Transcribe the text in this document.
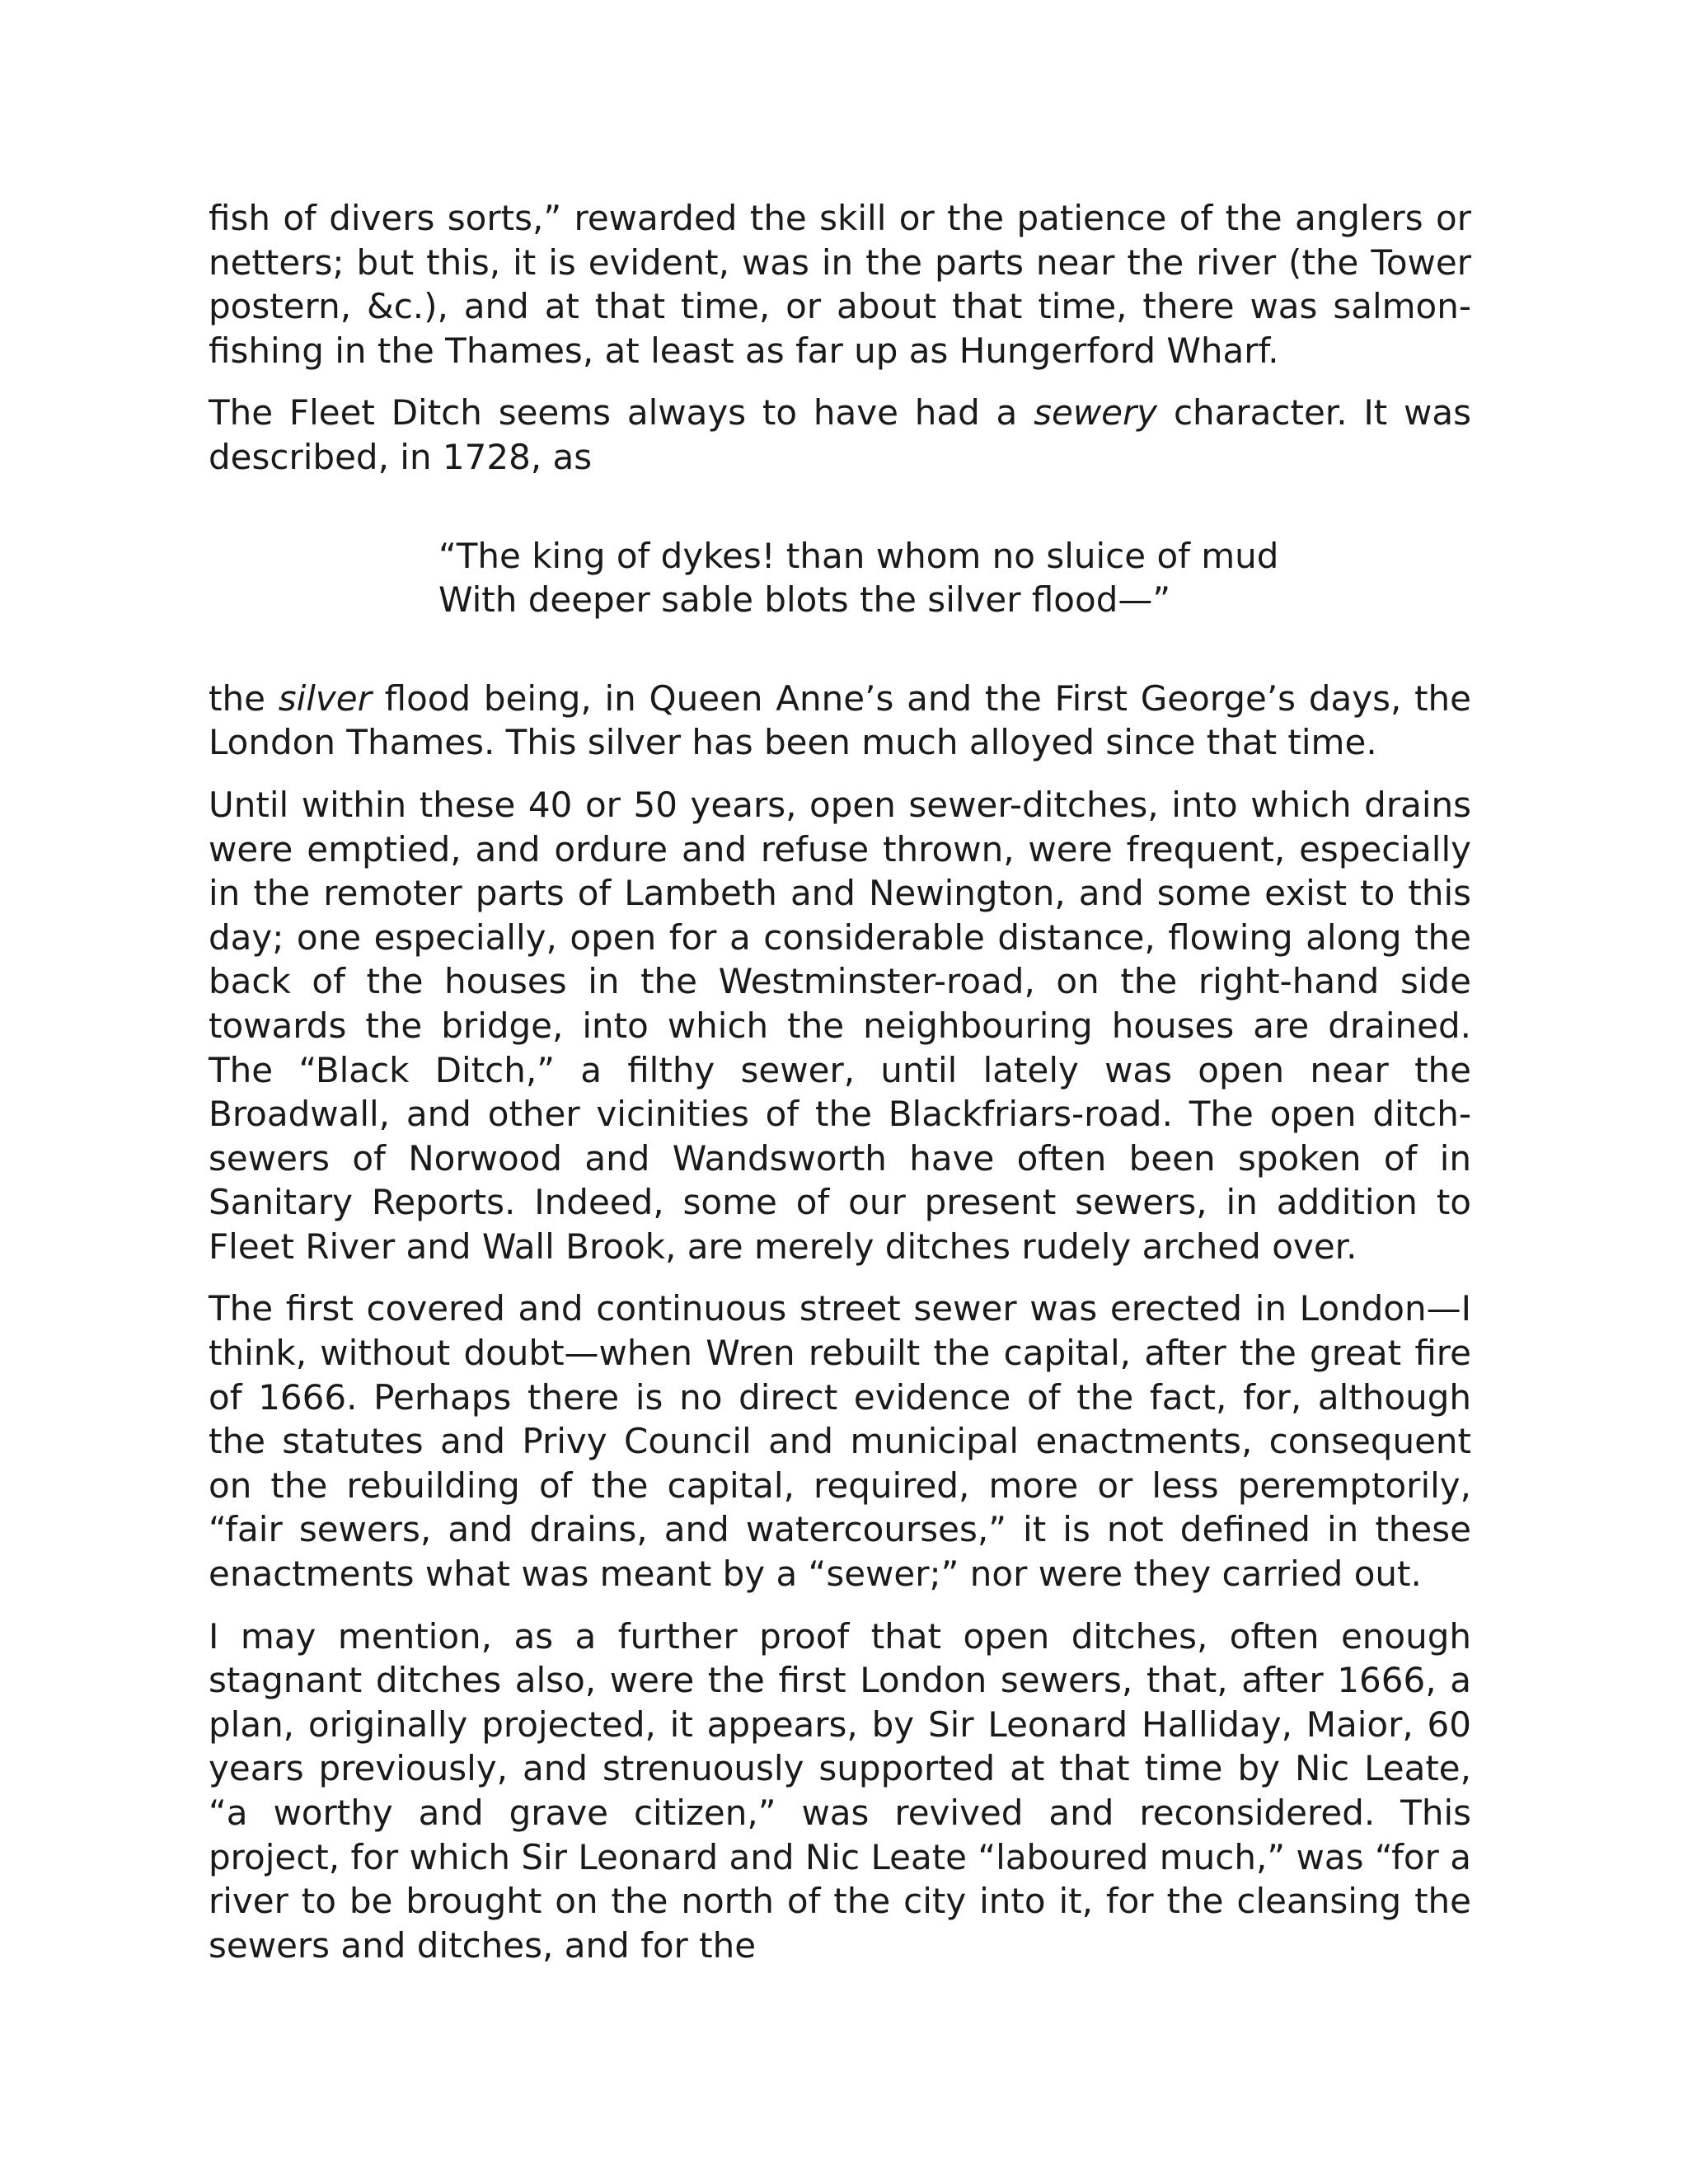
fish of divers sorts,” rewarded the skill or the patience of the anglers or netters; but this, it is evident, was in the parts near the river (the Tower postern, &c.), and at that time, or about that time, there was salmon-fishing in the Thames, at least as far up as Hungerford Wharf.

The Fleet Ditch seems always to have had a sewery character. It was described, in 1728, as

“The king of dykes! than whom no sluice of mud
With deeper sable blots the silver flood—”

the silver flood being, in Queen Anne’s and the First George’s days, the London Thames. This silver has been much alloyed since that time.

Until within these 40 or 50 years, open sewer-ditches, into which drains were emptied, and ordure and refuse thrown, were frequent, especially in the remoter parts of Lambeth and Newington, and some exist to this day; one especially, open for a considerable distance, flowing along the back of the houses in the Westminster-road, on the right-hand side towards the bridge, into which the neighbouring houses are drained. The “Black Ditch,” a filthy sewer, until lately was open near the Broadwall, and other vicinities of the Blackfriars-road. The open ditch-sewers of Norwood and Wandsworth have often been spoken of in Sanitary Reports. Indeed, some of our present sewers, in addition to Fleet River and Wall Brook, are merely ditches rudely arched over.

The first covered and continuous street sewer was erected in London—I think, without doubt—when Wren rebuilt the capital, after the great fire of 1666. Perhaps there is no direct evidence of the fact, for, although the statutes and Privy Council and municipal enactments, consequent on the rebuilding of the capital, required, more or less peremptorily, “fair sewers, and drains, and watercourses,” it is not defined in these enactments what was meant by a “sewer;” nor were they carried out.

I may mention, as a further proof that open ditches, often enough stagnant ditches also, were the first London sewers, that, after 1666, a plan, originally projected, it appears, by Sir Leonard Halliday, Maior, 60 years previously, and strenuously supported at that time by Nic Leate, “a worthy and grave citizen,” was revived and reconsidered. This project, for which Sir Leonard and Nic Leate “laboured much,” was “for a river to be brought on the north of the city into it, for the cleansing the sewers and ditches, and for the
